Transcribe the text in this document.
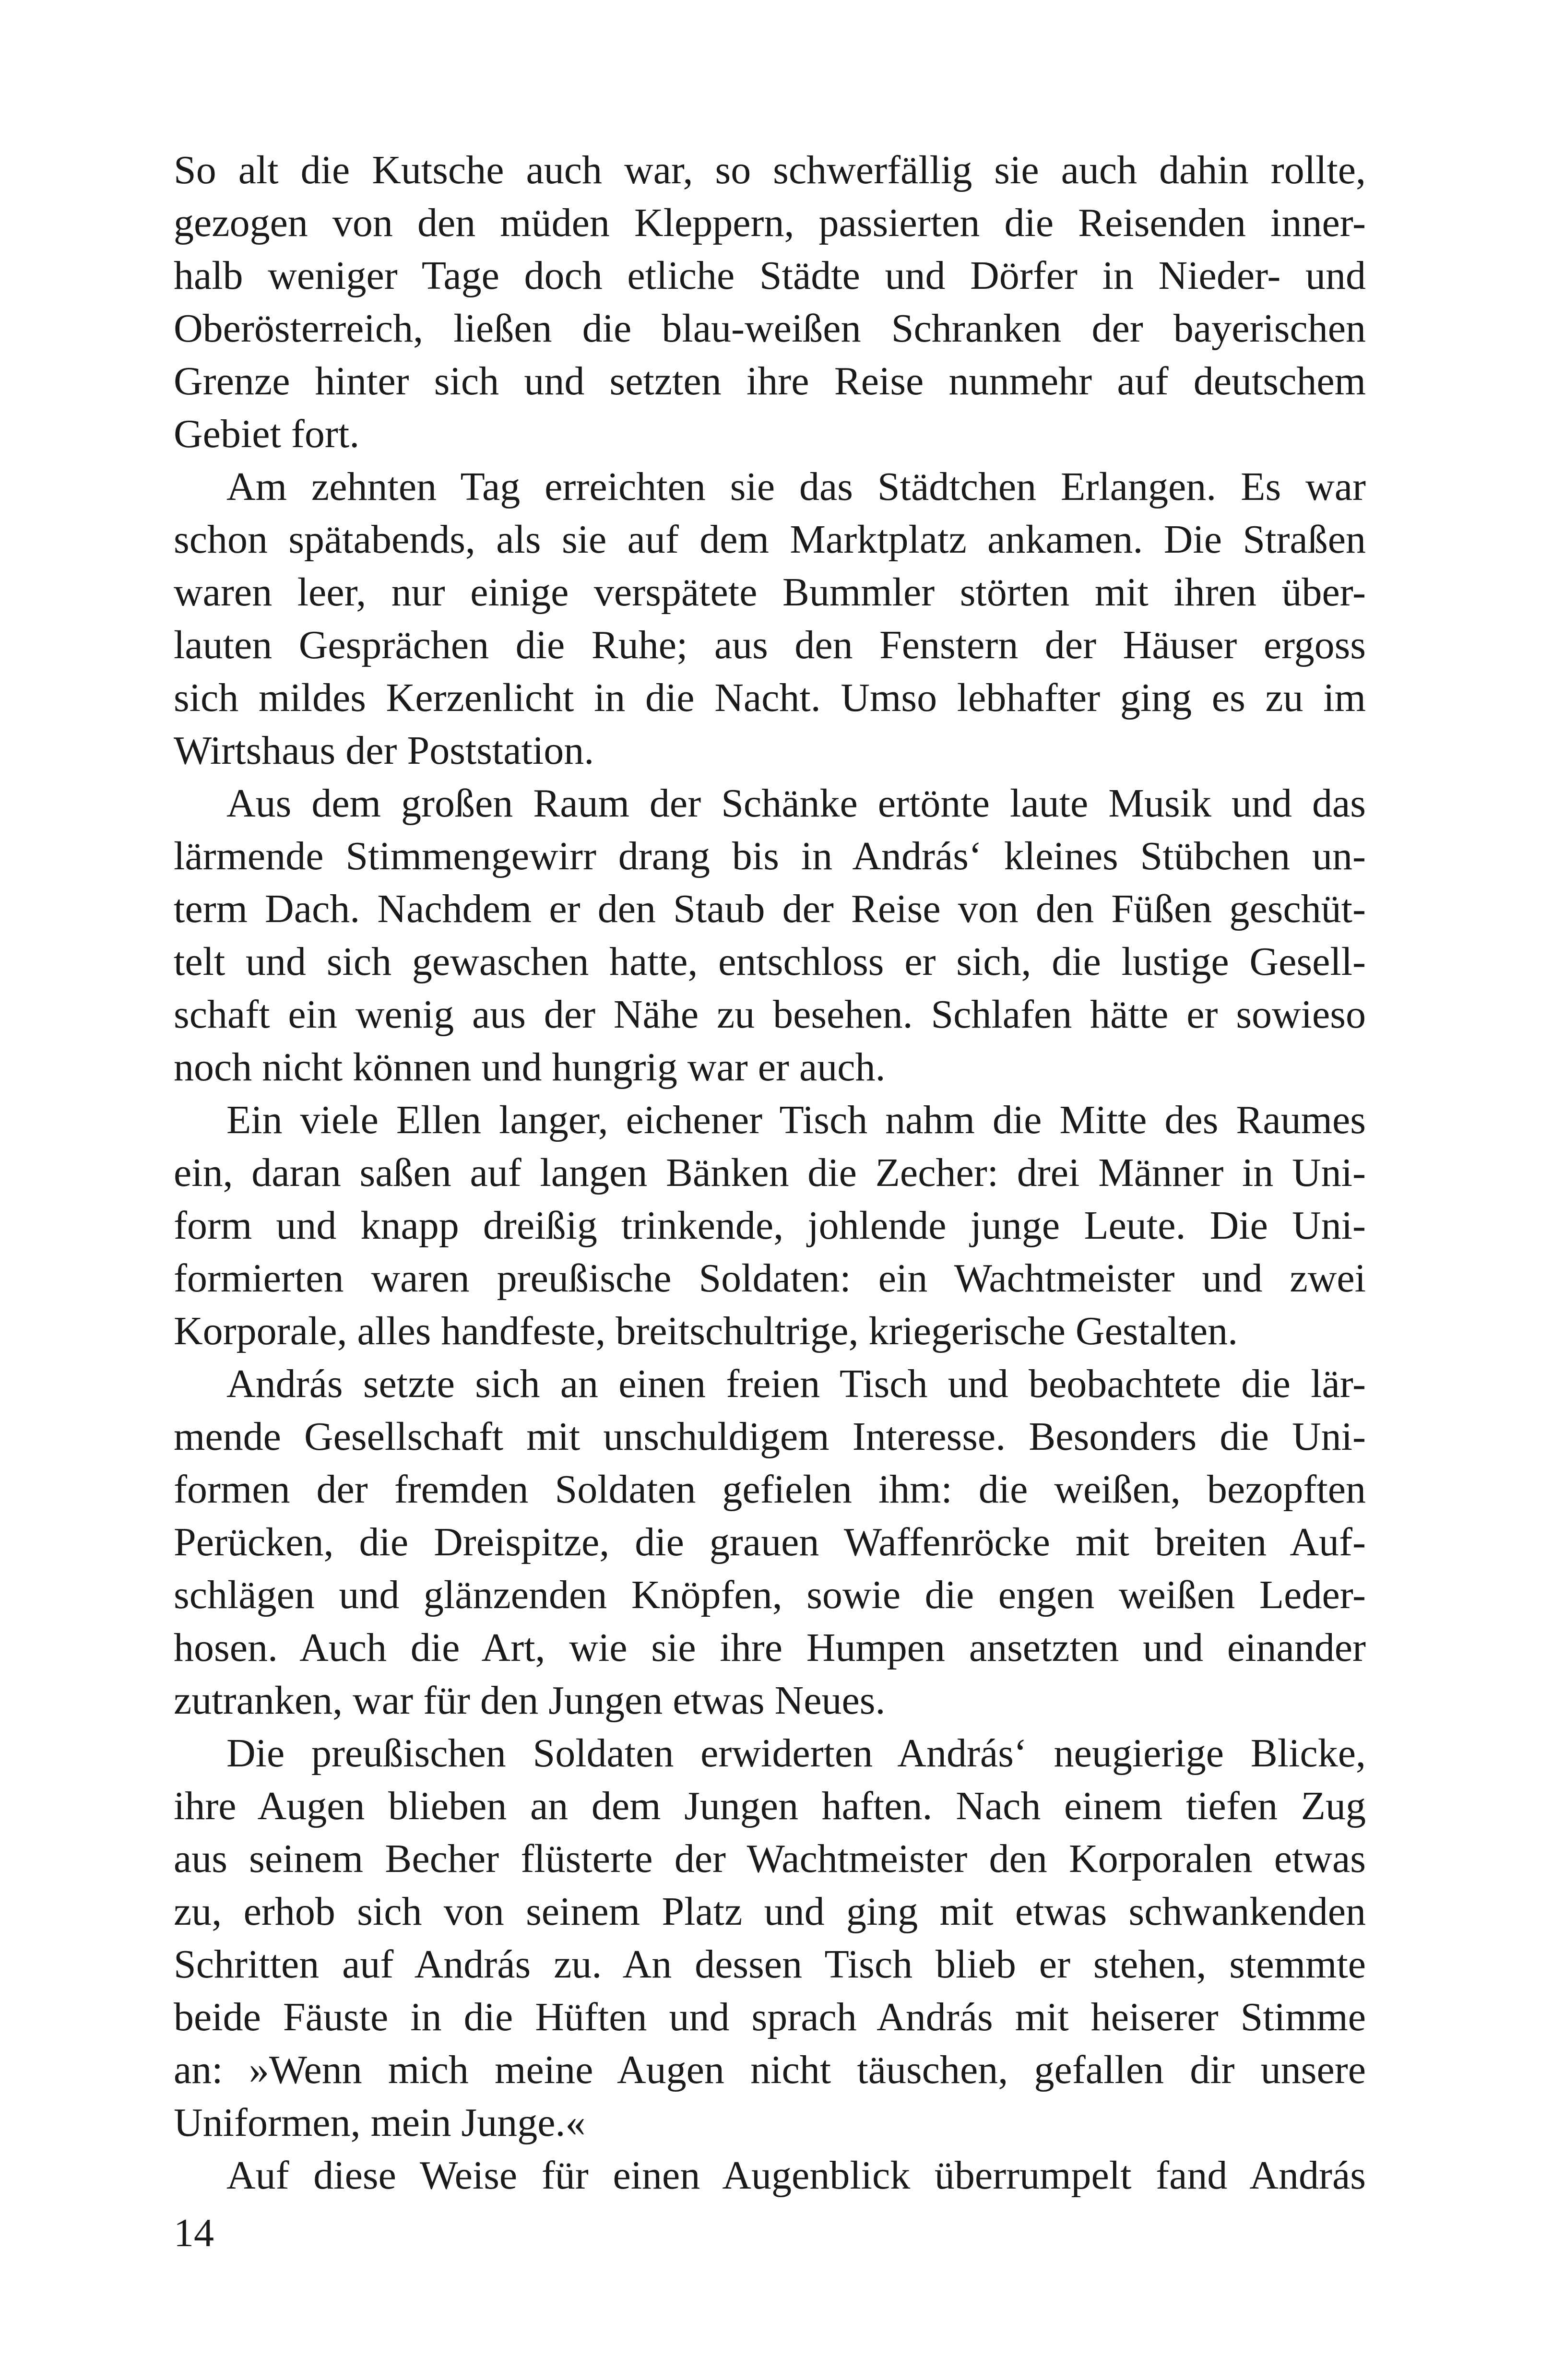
So alt die Kutsche auch war, so schwerfällig sie auch dahin rollte,
gezogen von den müden Kleppern, passierten die Reisenden inner-
halb weniger Tage doch etliche Städte und Dörfer in Nieder- und
Oberösterreich, ließen die blau-weißen Schranken der bayerischen
Grenze hinter sich und setzten ihre Reise nunmehr auf deutschem
Gebiet fort.
Am zehnten Tag erreichten sie das Städtchen Erlangen. Es war
schon spätabends, als sie auf dem Marktplatz ankamen. Die Straßen
waren leer, nur einige verspätete Bummler störten mit ihren über-
lauten Gesprächen die Ruhe; aus den Fenstern der Häuser ergoss
sich mildes Kerzenlicht in die Nacht. Umso lebhafter ging es zu im
Wirtshaus der Poststation.
Aus dem großen Raum der Schänke ertönte laute Musik und das
lärmende Stimmengewirr drang bis in András‘ kleines Stübchen un-
term Dach. Nachdem er den Staub der Reise von den Füßen geschüt-
telt und sich gewaschen hatte, entschloss er sich, die lustige Gesell-
schaft ein wenig aus der Nähe zu besehen. Schlafen hätte er sowieso
noch nicht können und hungrig war er auch.
Ein viele Ellen langer, eichener Tisch nahm die Mitte des Raumes
ein, daran saßen auf langen Bänken die Zecher: drei Männer in Uni-
form und knapp dreißig trinkende, johlende junge Leute. Die Uni-
formierten waren preußische Soldaten: ein Wachtmeister und zwei
Korporale, alles handfeste, breitschultrige, kriegerische Gestalten.
András setzte sich an einen freien Tisch und beobachtete die lär-
mende Gesellschaft mit unschuldigem Interesse. Besonders die Uni-
formen der fremden Soldaten gefielen ihm: die weißen, bezopften
Perücken, die Dreispitze, die grauen Waffenröcke mit breiten Auf-
schlägen und glänzenden Knöpfen, sowie die engen weißen Leder-
hosen. Auch die Art, wie sie ihre Humpen ansetzten und einander
zutranken, war für den Jungen etwas Neues.
Die preußischen Soldaten erwiderten András‘ neugierige Blicke,
ihre Augen blieben an dem Jungen haften. Nach einem tiefen Zug
aus seinem Becher flüsterte der Wachtmeister den Korporalen etwas
zu, erhob sich von seinem Platz und ging mit etwas schwankenden
Schritten auf András zu. An dessen Tisch blieb er stehen, stemmte
beide Fäuste in die Hüften und sprach András mit heiserer Stimme
an: »Wenn mich meine Augen nicht täuschen, gefallen dir unsere
Uniformen, mein Junge.«
Auf diese Weise für einen Augenblick überrumpelt fand András
14
